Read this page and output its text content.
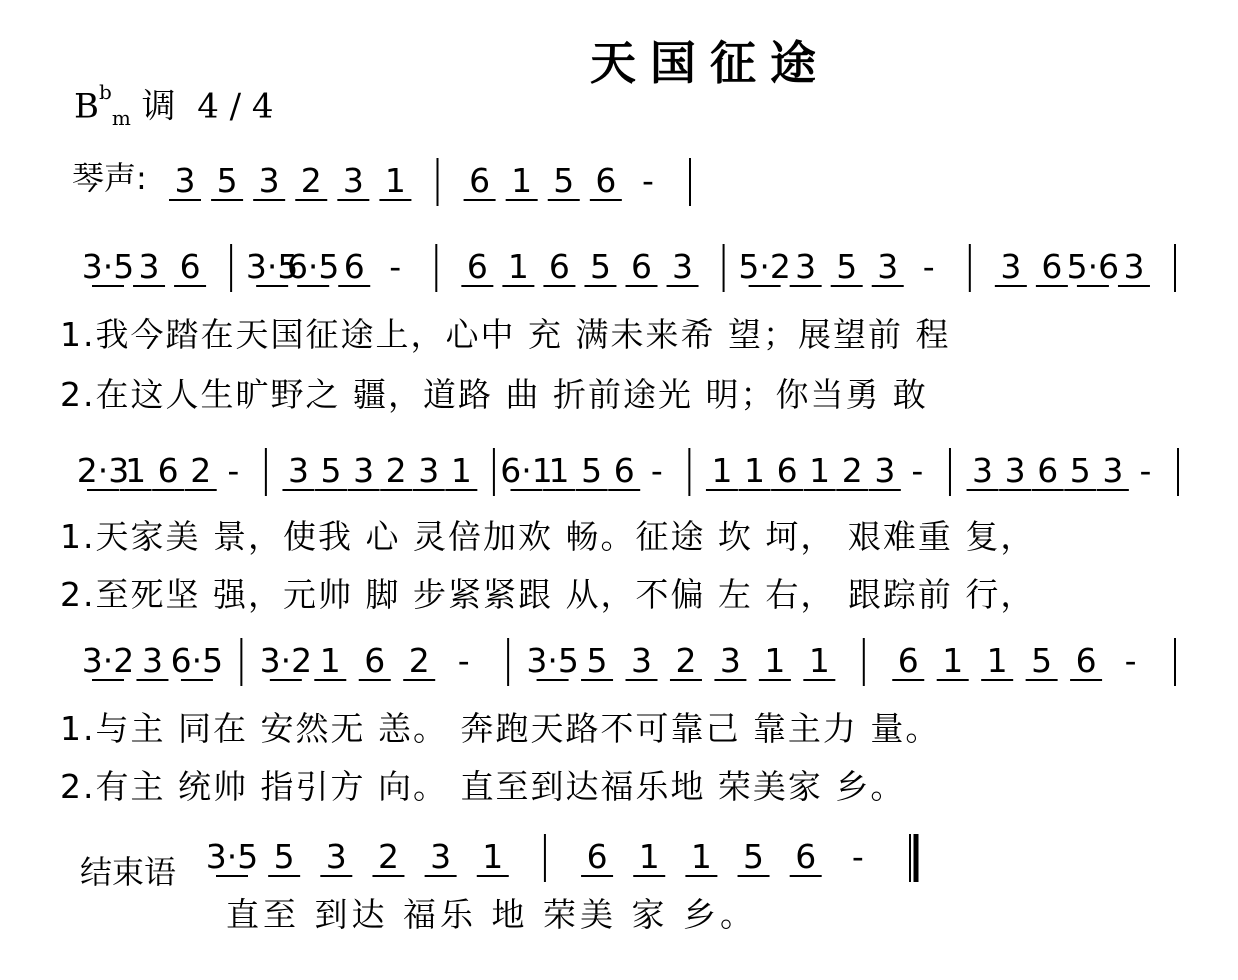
天国征途
$B^b_m$ 调 4 / 4
琴声:
结束语
1.我今踏在天国征途上，心中 充 满未来希 望；展望前 程
2.在这人生旷野之 疆，道路 曲 折前途光 明；你当勇 敢
1.天家美 景，使我 心 灵倍加欢 畅。征途 坎 坷， 艰难重 复，
2.至死坚 强，元帅 脚 步紧紧跟 从，不偏 左 右， 跟踪前 行，
1.与主 同在 安然无 恙。 奔跑天路不可靠己 靠主力 量。
2.有主 统帅 指引方 向。 直至到达福乐地 荣美家 乡。
直至 到达 福乐 地 荣美 家 乡。
3 5 3 2 3 1 6 1 5 6 -
3·5 3 6 3·5
6·5 6 - 6 1 6 5 6 3 5·2 3 5 3 - 3 6 5·6 3
2·3
1 6 2 - 3 5 3 2 3 1 6·1
1 5 6 - 1 1 6 1 2 3 - 3 3 6 5 3 -
3·2 3 6·5 3·2 1 6 2 - 3·5 5 3 2 3 1 1 6 1 1 5 6 -
3·5 5 3 2 3 1	6 1 1 5 6 -
